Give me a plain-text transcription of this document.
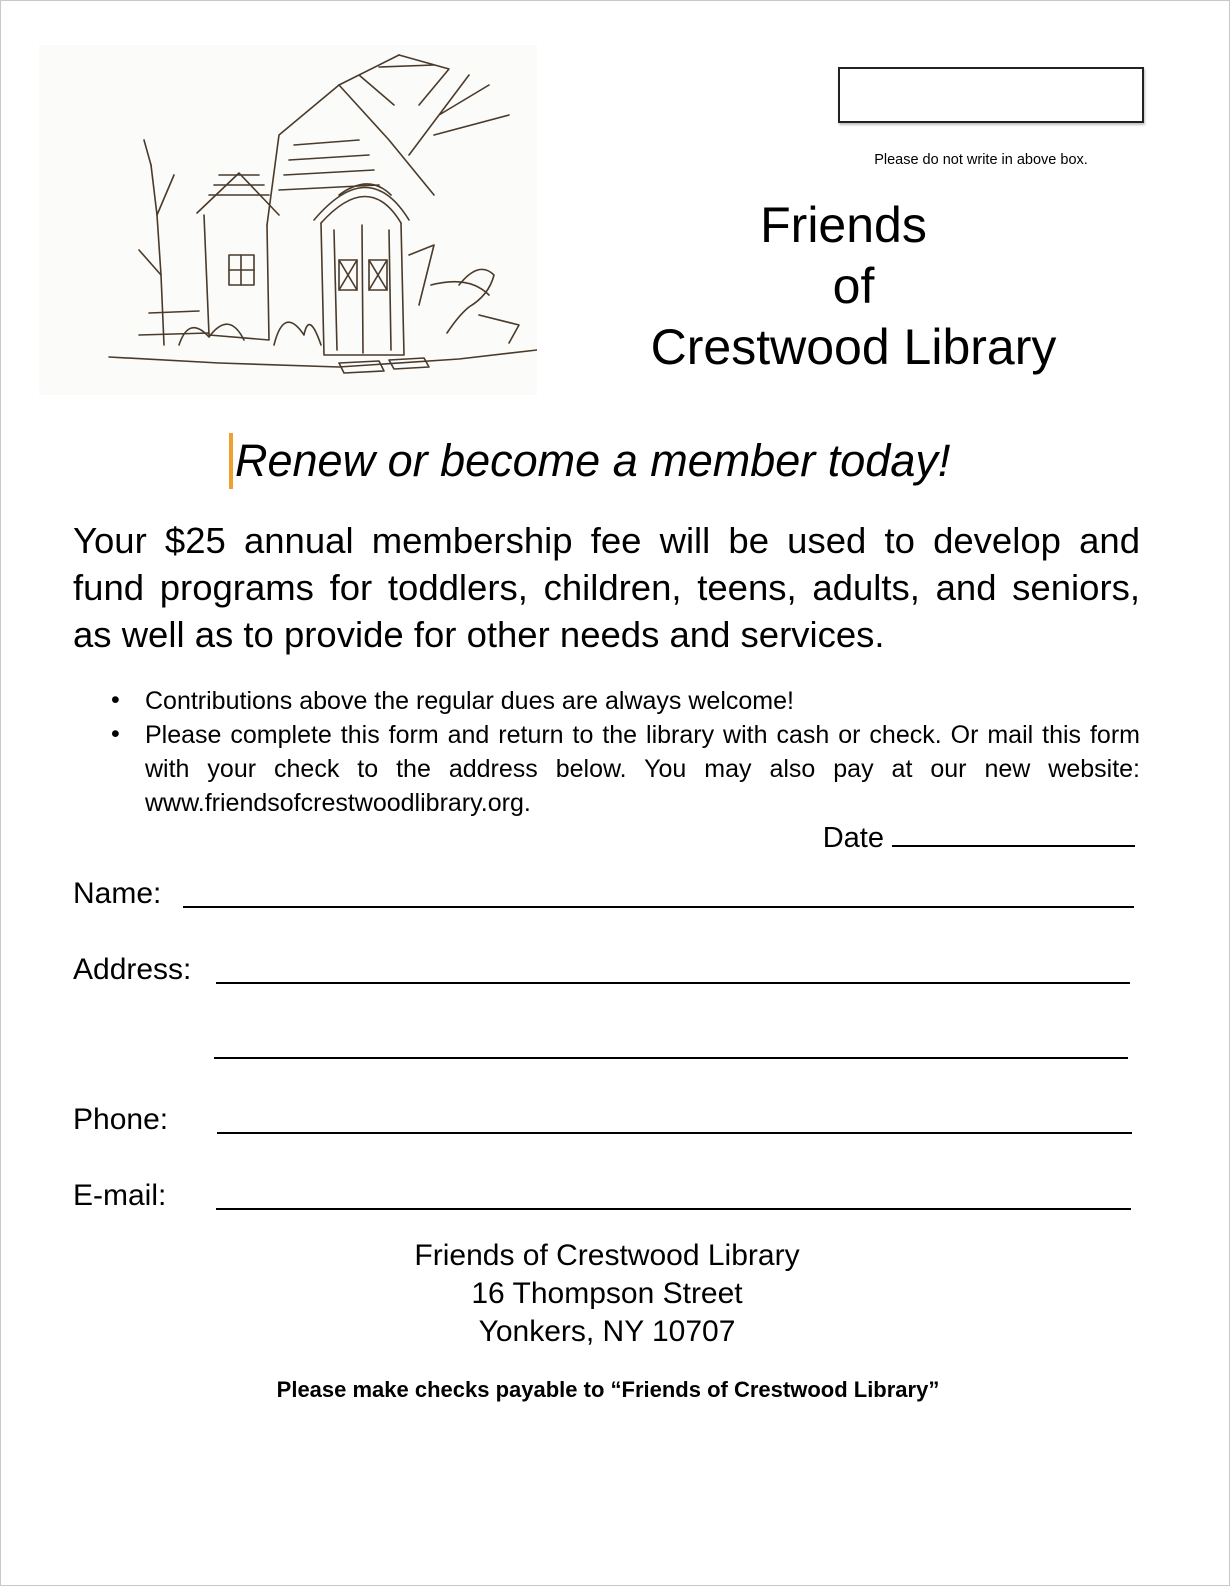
Please do not write in above box.
Friends
of
Crestwood Library
Renew or become a member today!
Your $25 annual membership fee will be used to develop and fund programs for toddlers, children, teens, adults, and seniors, as well as to provide for other needs and services.
• Contributions above the regular dues are always welcome!
• Please complete this form and return to the library with cash or check. Or mail this form with your check to the address below. You may also pay at our new website: www.friendsofcrestwoodlibrary.org.
Date
Name:
Address:
Phone:
E-mail:
Friends of Crestwood Library
16 Thompson Street
Yonkers, NY 10707
Please make checks payable to “Friends of Crestwood Library”
